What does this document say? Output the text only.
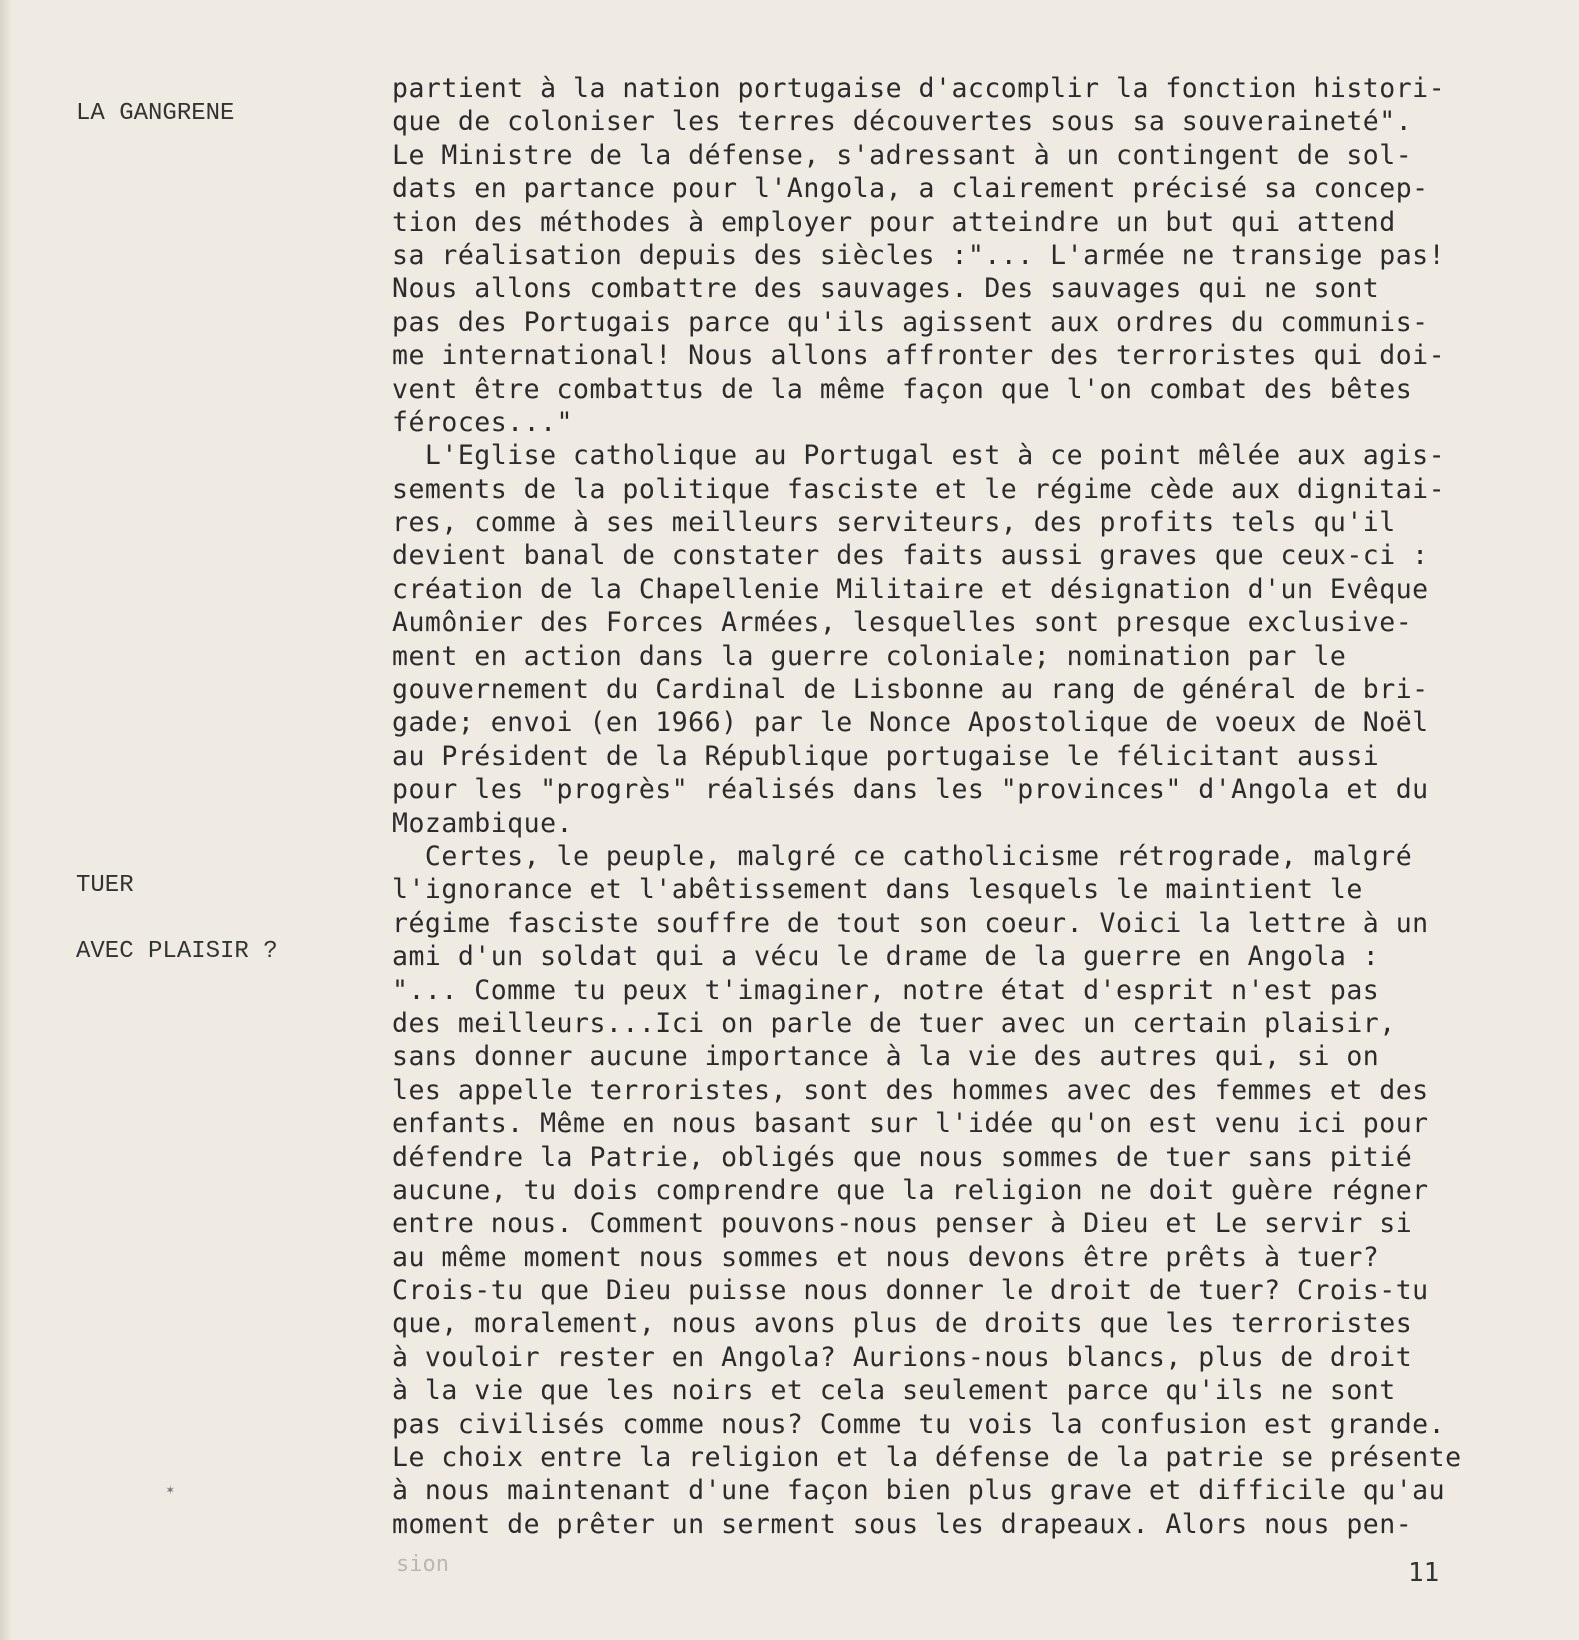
LA GANGRENE
TUER
AVEC PLAISIR ?
partient à la nation portugaise d'accomplir la fonction histori-
que de coloniser les terres découvertes sous sa souveraineté".
Le Ministre de la défense, s'adressant à un contingent de sol-
dats en partance pour l'Angola, a clairement précisé sa concep-
tion des méthodes à employer pour atteindre un but qui attend
sa réalisation depuis des siècles :"... L'armée ne transige pas!
Nous allons combattre des sauvages. Des sauvages qui ne sont
pas des Portugais parce qu'ils agissent aux ordres du communis-
me international! Nous allons affronter des terroristes qui doi-
vent être combattus de la même façon que l'on combat des bêtes
féroces..."
L'Eglise catholique au Portugal est à ce point mêlée aux agis-
sements de la politique fasciste et le régime cède aux dignitai-
res, comme à ses meilleurs serviteurs, des profits tels qu'il
devient banal de constater des faits aussi graves que ceux-ci :
création de la Chapellenie Militaire et désignation d'un Evêque
Aumônier des Forces Armées, lesquelles sont presque exclusive-
ment en action dans la guerre coloniale; nomination par le
gouvernement du Cardinal de Lisbonne au rang de général de bri-
gade; envoi (en 1966) par le Nonce Apostolique de voeux de Noël
au Président de la République portugaise le félicitant aussi
pour les "progrès" réalisés dans les "provinces" d'Angola et du
Mozambique.
Certes, le peuple, malgré ce catholicisme rétrograde, malgré
l'ignorance et l'abêtissement dans lesquels le maintient le
régime fasciste souffre de tout son coeur. Voici la lettre à un
ami d'un soldat qui a vécu le drame de la guerre en Angola :
"... Comme tu peux t'imaginer, notre état d'esprit n'est pas
des meilleurs...Ici on parle de tuer avec un certain plaisir,
sans donner aucune importance à la vie des autres qui, si on
les appelle terroristes, sont des hommes avec des femmes et des
enfants. Même en nous basant sur l'idée qu'on est venu ici pour
défendre la Patrie, obligés que nous sommes de tuer sans pitié
aucune, tu dois comprendre que la religion ne doit guère régner
entre nous. Comment pouvons-nous penser à Dieu et Le servir si
au même moment nous sommes et nous devons être prêts à tuer?
Crois-tu que Dieu puisse nous donner le droit de tuer? Crois-tu
que, moralement, nous avons plus de droits que les terroristes
à vouloir rester en Angola? Aurions-nous blancs, plus de droit
à la vie que les noirs et cela seulement parce qu'ils ne sont
pas civilisés comme nous? Comme tu vois la confusion est grande.
Le choix entre la religion et la défense de la patrie se présente
à nous maintenant d'une façon bien plus grave et difficile qu'au
moment de prêter un serment sous les drapeaux. Alors nous pen-
sion	11
✶
